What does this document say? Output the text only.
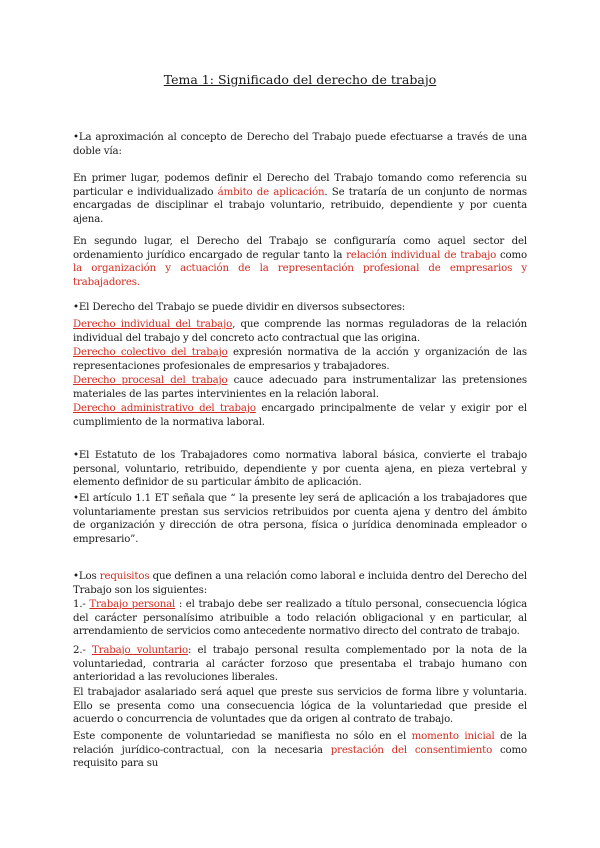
Tema 1: Significado del derecho de trabajo
•La aproximación al concepto de Derecho del Trabajo puede efectuarse a través de una doble vía:
En primer lugar, podemos definir el Derecho del Trabajo tomando como referencia su particular e individualizado ámbito de aplicación. Se trataría de un conjunto de normas encargadas de disciplinar el trabajo voluntario, retribuido, dependiente y por cuenta ajena.
En segundo lugar, el Derecho del Trabajo se configuraría como aquel sector del ordenamiento jurídico encargado de regular tanto la relación individual de trabajo como la organización y actuación de la representación profesional de empresarios y trabajadores.
•El Derecho del Trabajo se puede dividir en diversos subsectores:
Derecho individual del trabajo, que comprende las normas reguladoras de la relación individual del trabajo y del concreto acto contractual que las origina.
Derecho colectivo del trabajo expresión normativa de la acción y organización de las representaciones profesionales de empresarios y trabajadores.
Derecho procesal del trabajo cauce adecuado para instrumentalizar las pretensiones materiales de las partes intervinientes en la relación laboral.
Derecho administrativo del trabajo encargado principalmente de velar y exigir por el cumplimiento de la normativa laboral.
•El Estatuto de los Trabajadores como normativa laboral básica, convierte el trabajo personal, voluntario, retribuido, dependiente y por cuenta ajena, en pieza vertebral y elemento definidor de su particular ámbito de aplicación.
•El artículo 1.1 ET señala que “ la presente ley será de aplicación a los trabajadores que voluntariamente prestan sus servicios retribuidos por cuenta ajena y dentro del ámbito de organización y dirección de otra persona, física o jurídica denominada empleador o empresario”.
•Los requisitos que definen a una relación como laboral e incluida dentro del Derecho del Trabajo son los siguientes:
1.- Trabajo personal : el trabajo debe ser realizado a título personal, consecuencia lógica del carácter personalísimo atribuible a todo relación obligacional y en particular, al arrendamiento de servicios como antecedente normativo directo del contrato de trabajo.
2.- Trabajo voluntario: el trabajo personal resulta complementado por la nota de la voluntariedad, contraria al carácter forzoso que presentaba el trabajo humano con anterioridad a las revoluciones liberales.
El trabajador asalariado será aquel que preste sus servicios de forma libre y voluntaria. Ello se presenta como una consecuencia lógica de la voluntariedad que preside el acuerdo o concurrencia de voluntades que da origen al contrato de trabajo.
Este componente de voluntariedad se manifiesta no sólo en el momento inicial de la relación jurídico-contractual, con la necesaria prestación del consentimiento como requisito para su
